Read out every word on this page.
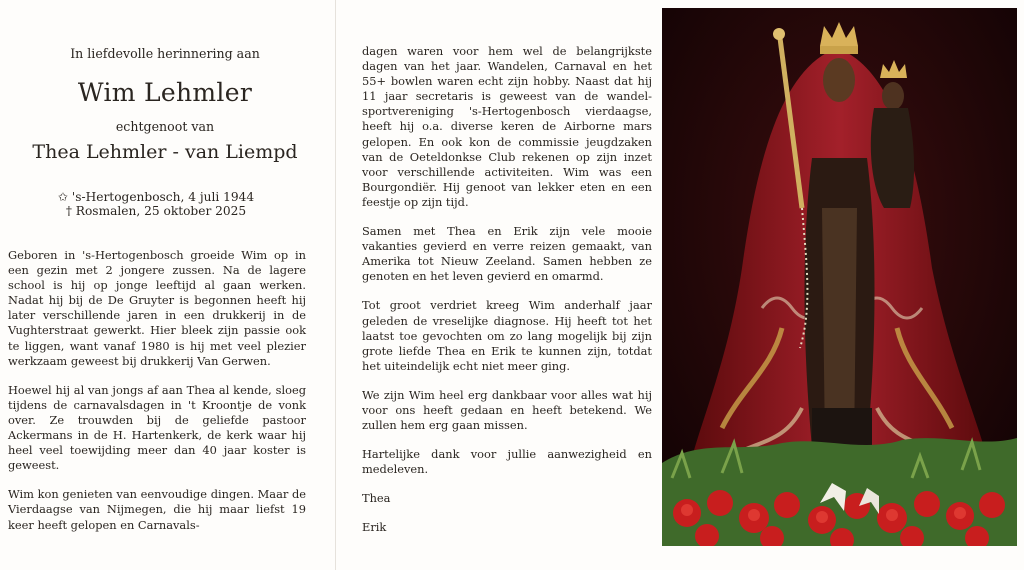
In liefdevolle herinnering aan
Wim Lehmler
echtgenoot van
Thea Lehmler - van Liempd
✩ 's-Hertogenbosch, 4 juli 1944
† Rosmalen, 25 oktober 2025

Geboren in 's-Hertogenbosch groeide Wim op in een gezin met 2 jongere zussen. Na de lagere school is hij op jonge leeftijd al gaan werken. Nadat hij bij de De Gruyter is begonnen heeft hij later verschillende jaren in een drukkerij in de Vughterstraat gewerkt. Hier bleek zijn passie ook te liggen, want vanaf 1980 is hij met veel plezier werkzaam geweest bij drukkerij Van Gerwen.

Hoewel hij al van jongs af aan Thea al kende, sloeg tijdens de carnavalsdagen in 't Kroontje de vonk over. Ze trouwden bij de geliefde pastoor Ackermans in de H. Hartenkerk, de kerk waar hij heel veel toewijding meer dan 40 jaar koster is geweest.

Wim kon genieten van eenvoudige dingen. Maar de Vierdaagse van Nijmegen, die hij maar liefst 19 keer heeft gelopen en Carnavals-

dagen waren voor hem wel de belangrijkste dagen van het jaar. Wandelen, Carnaval en het 55+ bowlen waren echt zijn hobby. Naast dat hij 11 jaar secretaris is geweest van de wandel-sportvereniging 's-Hertogenbosch vierdaagse, heeft hij o.a. diverse keren de Airborne mars gelopen. En ook kon de commissie jeugdzaken van de Oeteldonkse Club rekenen op zijn inzet voor verschillende activiteiten. Wim was een Bourgondiër. Hij genoot van lekker eten en een feestje op zijn tijd.

Samen met Thea en Erik zijn vele mooie vakanties gevierd en verre reizen gemaakt, van Amerika tot Nieuw Zeeland. Samen hebben ze genoten en het leven gevierd en omarmd.

Tot groot verdriet kreeg Wim anderhalf jaar geleden de vreselijke diagnose. Hij heeft tot het laatst toe gevochten om zo lang mogelijk bij zijn grote liefde Thea en Erik te kunnen zijn, totdat het uiteindelijk echt niet meer ging.

We zijn Wim heel erg dankbaar voor alles wat hij voor ons heeft gedaan en heeft betekend. We zullen hem erg gaan missen.

Hartelijke dank voor jullie aanwezigheid en medeleven.

Thea

Erik
